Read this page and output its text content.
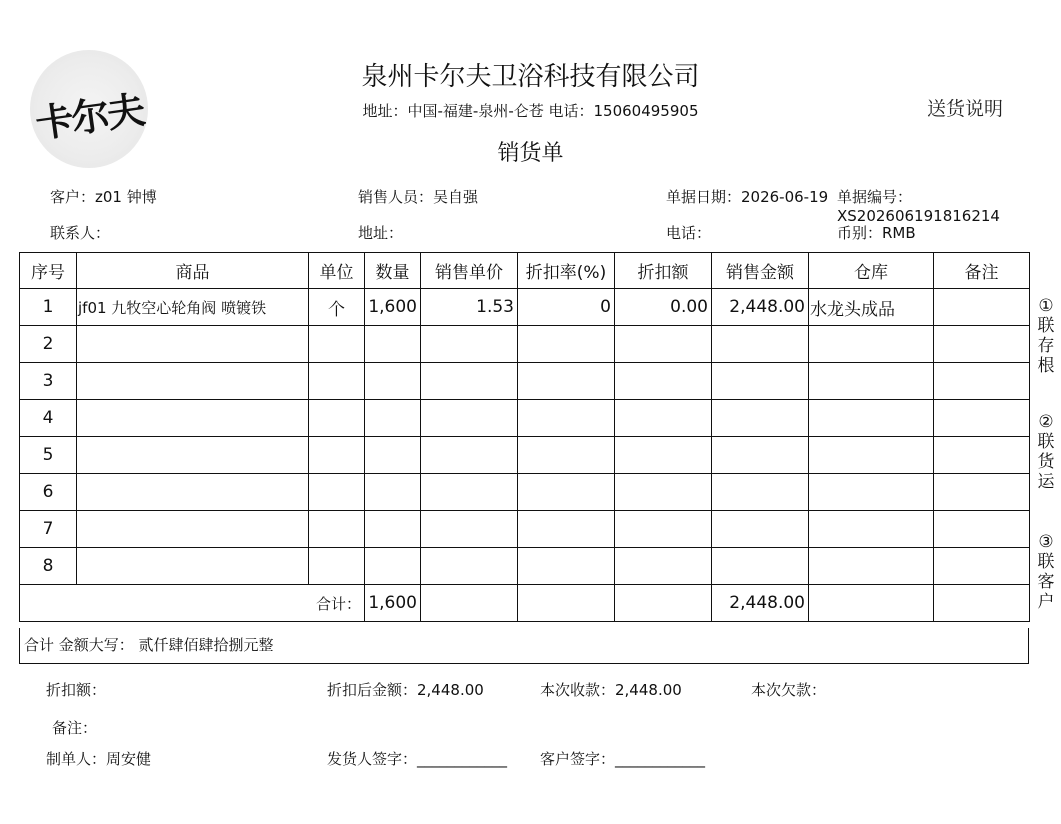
卡尔夫
泉州卡尔夫卫浴科技有限公司
地址：中国-福建-泉州-仑苍 电话：15060495905
销货单
送货说明
客户：z01 钟博	销售人员：吴自强	单据日期：2026-06-19 单据编号：XS20260619181621​4
联系人：	地址：	电话：	币别：RMB
序号	商品	单位	数量	销售单价	折扣率(%)	折扣额	销售金额	仓库	备注
1	jf01 九牧空心轮角阀 喷镀铁	个	1,600	1.53	0	0.00	2,448.00	水龙头成品	
2									
3									
4									
5									
6									
7									
8									
合计：			1,600				2,448.00		
合计 金额大写： 贰仟肆佰肆拾捌元整
①联存根
②联货运
③联客户
折扣额：	折扣后金额：2,448.00	本次收款：2,448.00	本次欠款：
备注：
制单人：周安健	发货人签字：____________ 客户签字：____________
